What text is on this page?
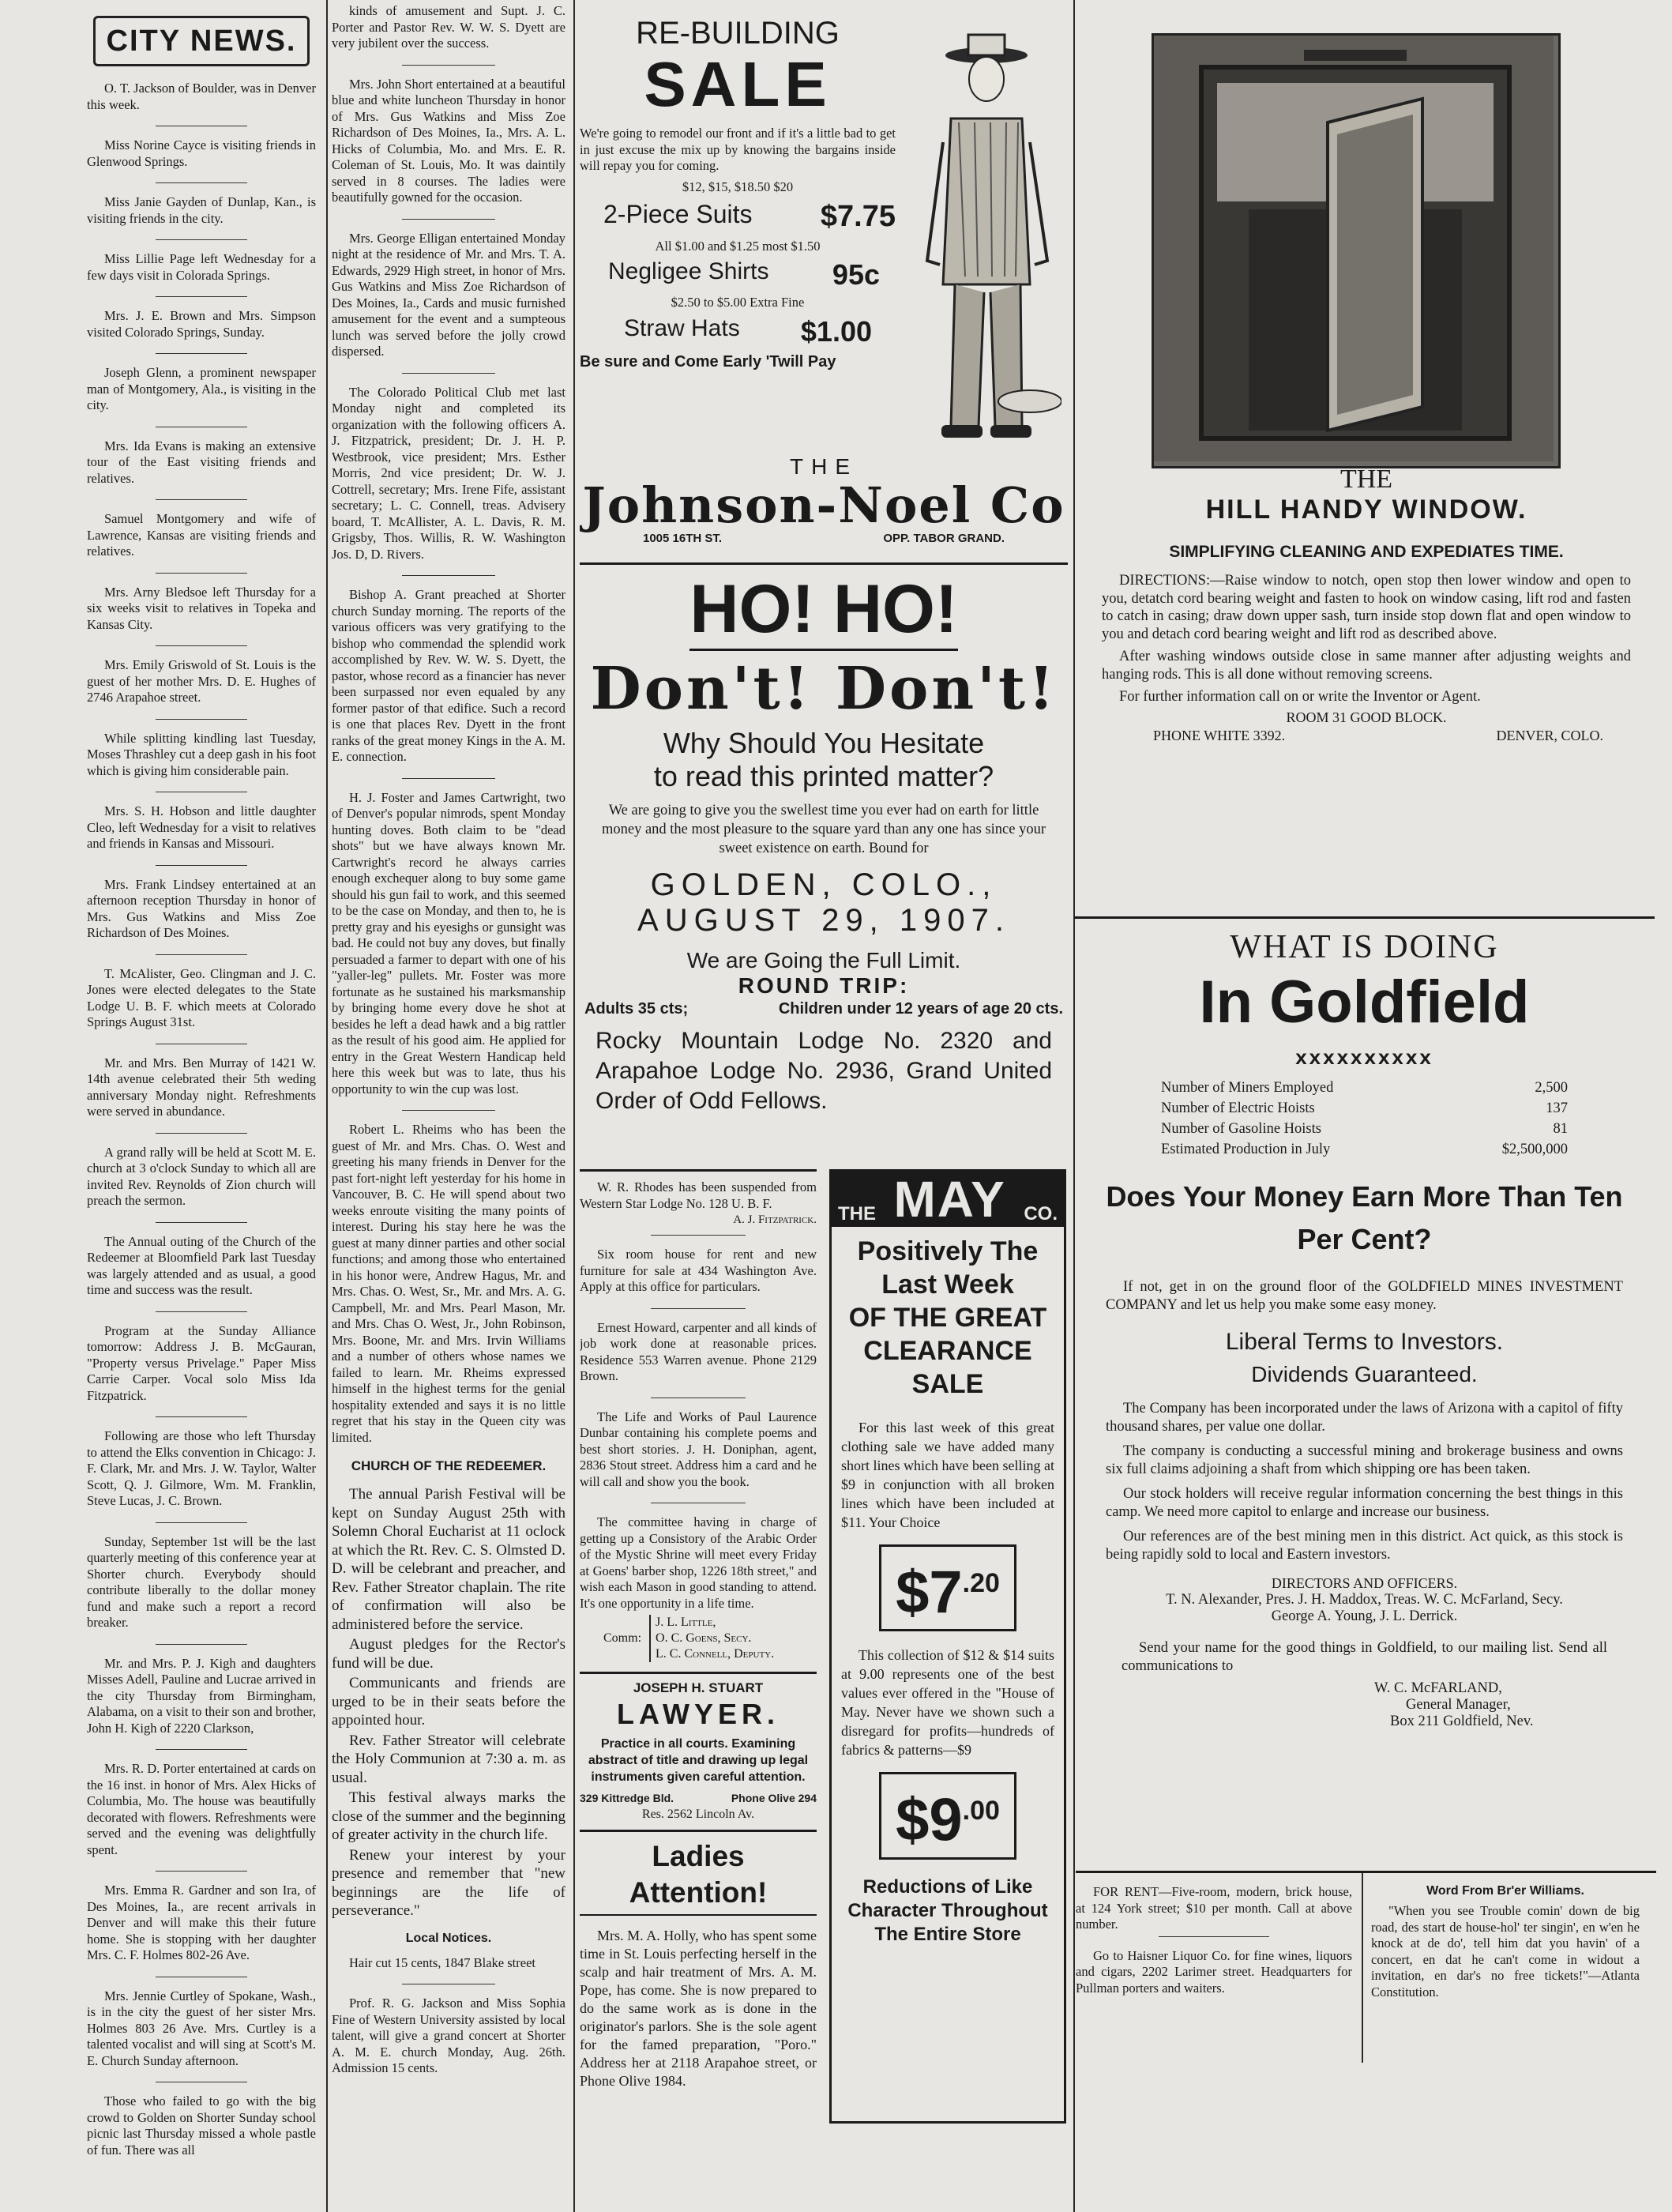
CITY NEWS.

O. T. Jackson of Boulder, was in Denver this week.

Miss Norine Cayce is visiting friends in Glenwood Springs.

Miss Janie Gayden of Dunlap, Kan., is visiting friends in the city.

Miss Lillie Page left Wednesday for a few days visit in Colorada Springs.

Mrs. J. E. Brown and Mrs. Simpson visited Colorado Springs, Sunday.

Joseph Glenn, a prominent newspaper man of Montgomery, Ala., is visiting in the city.

Mrs. Ida Evans is making an extensive tour of the East visiting friends and relatives.

Samuel Montgomery and wife of Lawrence, Kansas are visiting friends and relatives.

Mrs. Arny Bledsoe left Thursday for a six weeks visit to relatives in Topeka and Kansas City.

Mrs. Emily Griswold of St. Louis is the guest of her mother Mrs. D. E. Hughes of 2746 Arapahoe street.

While splitting kindling last Tuesday, Moses Thrashley cut a deep gash in his foot which is giving him considerable pain.

Mrs. S. H. Hobson and little daughter Cleo, left Wednesday for a visit to relatives and friends in Kansas and Missouri.

Mrs. Frank Lindsey entertained at an afternoon reception Thursday in honor of Mrs. Gus Watkins and Miss Zoe Richardson of Des Moines.

T. McAlister, Geo. Clingman and J. C. Jones were elected delegates to the State Lodge U. B. F. which meets at Colorado Springs August 31st.

Mr. and Mrs. Ben Murray of 1421 W. 14th avenue celebrated their 5th weding anniversary Monday night. Refreshments were served in abundance.

A grand rally will be held at Scott M. E. church at 3 o'clock Sunday to which all are invited Rev. Reynolds of Zion church will preach the sermon.

The Annual outing of the Church of the Redeemer at Bloomfield Park last Tuesday was largely attended and as usual, a good time and success was the result.

Program at the Sunday Alliance tomorrow: Address J. B. McGauran, "Property versus Privelage." Paper Miss Carrie Carper. Vocal solo Miss Ida Fitzpatrick.

Following are those who left Thursday to attend the Elks convention in Chicago: J. F. Clark, Mr. and Mrs. J. W. Taylor, Walter Scott, Q. J. Gilmore, Wm. M. Franklin, Steve Lucas, J. C. Brown.

Sunday, September 1st will be the last quarterly meeting of this conference year at Shorter church. Everybody should contribute liberally to the dollar money fund and make such a report a record breaker.

Mr. and Mrs. P. J. Kigh and daughters Misses Adell, Pauline and Lucrae arrived in the city Thursday from Birmingham, Alabama, on a visit to their son and brother, John H. Kigh of 2220 Clarkson,

Mrs. R. D. Porter entertained at cards on the 16 inst. in honor of Mrs. Alex Hicks of Columbia, Mo. The house was beautifully decorated with flowers. Refreshments were served and the evening was delightfully spent.

Mrs. Emma R. Gardner and son Ira, of Des Moines, Ia., are recent arrivals in Denver and will make this their future home. She is stopping with her daughter Mrs. C. F. Holmes 802-26 Ave.

Mrs. Jennie Curtley of Spokane, Wash., is in the city the guest of her sister Mrs. Holmes 803 26 Ave. Mrs. Curtley is a talented vocalist and will sing at Scott's M. E. Church Sunday afternoon.

Those who failed to go with the big crowd to Golden on Shorter Sunday school picnic last Thursday missed a whole pastle of fun. There was all

kinds of amusement and Supt. J. C. Porter and Pastor Rev. W. W. S. Dyett are very jubilent over the success.

Mrs. John Short entertained at a beautiful blue and white luncheon Thursday in honor of Mrs. Gus Watkins and Miss Zoe Richardson of Des Moines, Ia., Mrs. A. L. Hicks of Columbia, Mo. and Mrs. E. R. Coleman of St. Louis, Mo. It was daintily served in 8 courses. The ladies were beautifully gowned for the occasion.

Mrs. George Elligan entertained Monday night at the residence of Mr. and Mrs. T. A. Edwards, 2929 High street, in honor of Mrs. Gus Watkins and Miss Zoe Richardson of Des Moines, Ia., Cards and music furnished amusement for the event and a sumpteous lunch was served before the jolly crowd dispersed.

The Colorado Political Club met last Monday night and completed its organization with the following officers A. J. Fitzpatrick, president; Dr. J. H. P. Westbrook, vice president; Mrs. Esther Morris, 2nd vice president; Dr. W. J. Cottrell, secretary; Mrs. Irene Fife, assistant secretary; L. C. Connell, treas. Advisery board, T. McAllister, A. L. Davis, R. M. Grigsby, Thos. Willis, R. W. Washington Jos. D, D. Rivers.

Bishop A. Grant preached at Shorter church Sunday morning. The reports of the various officers was very gratifying to the bishop who commendad the splendid work accomplished by Rev. W. W. S. Dyett, the pastor, whose record as a financier has never been surpassed nor even equaled by any former pastor of that edifice. Such a record is one that places Rev. Dyett in the front ranks of the great money Kings in the A. M. E. connection.

H. J. Foster and James Cartwright, two of Denver's popular nimrods, spent Monday hunting doves. Both claim to be "dead shots" but we have always known Mr. Cartwright's record he always carries enough exchequer along to buy some game should his gun fail to work, and this seemed to be the case on Monday, and then to, he is pretty gray and his eyesighs or gunsight was bad. He could not buy any doves, but finally persuaded a farmer to depart with one of his "yaller-leg" pullets. Mr. Foster was more fortunate as he sustained his marksmanship by bringing home every dove he shot at besides he left a dead hawk and a big rattler as the result of his good aim. He applied for entry in the Great Western Handicap held here this week but was to late, thus his opportunity to win the cup was lost.

Robert L. Rheims who has been the guest of Mr. and Mrs. Chas. O. West and greeting his many friends in Denver for the past fort-night left yesterday for his home in Vancouver, B. C. He will spend about two weeks enroute visiting the many points of interest. During his stay here he was the guest at many dinner parties and other social functions; and among those who entertained in his honor were, Andrew Hagus, Mr. and Mrs. Chas. O. West, Sr., Mr. and Mrs. A. G. Campbell, Mr. and Mrs. Pearl Mason, Mr. and Mrs. Chas O. West, Jr., John Robinson, Mrs. Boone, Mr. and Mrs. Irvin Williams and a number of others whose names we failed to learn. Mr. Rheims expressed himself in the highest terms for the genial hospitality extended and says it is no little regret that his stay in the Queen city was limited.

CHURCH OF THE REDEEMER.

The annual Parish Festival will be kept on Sunday August 25th with Solemn Choral Eucharist at 11 oclock at which the Rt. Rev. C. S. Olmsted D. D. will be celebrant and preacher, and Rev. Father Streator chaplain. The rite of confirmation will also be administered before the service.

August pledges for the Rector's fund will be due.

Communicants and friends are urged to be in their seats before the appointed hour.

Rev. Father Streator will celebrate the Holy Communion at 7:30 a. m. as usual.

This festival always marks the close of the summer and the beginning of greater activity in the church life.

Renew your interest by your presence and remember that "new beginnings are the life of perseverance."

Local Notices.

Hair cut 15 cents, 1847 Blake street

Prof. R. G. Jackson and Miss Sophia Fine of Western University assisted by local talent, will give a grand concert at Shorter A. M. E. church Monday, Aug. 26th. Admission 15 cents.

RE-BUILDING

SALE

We're going to remodel our front and if it's a little bad to get in just excuse the mix up by knowing the bargains inside will repay you for coming.

$12, $15, $18.50 $20

2-Piece Suits $7.75

All $1.00 and $1.25 most $1.50

Negligee Shirts 95c

$2.50 to $5.00 Extra Fine

Straw Hats $1.00

Be sure and Come Early 'Twill Pay

THE

Johnson-Noel Co

1005 16TH ST.	OPP. TABOR GRAND.

HO! HO!

Don't! Don't!

Why Should You Hesitate

to read this printed matter?

We are going to give you the swellest time you ever had on earth for little money and the most pleasure to the square yard than any one has since your sweet existence on earth. Bound for

GOLDEN, COLO.,

AUGUST 29, 1907.

We are Going the Full Limit.

ROUND TRIP:

Adults 35 cts;	Children under 12 years of age 20 cts.

Rocky Mountain Lodge No. 2320 and Arapahoe Lodge No. 2936, Grand United Order of Odd Fellows.

W. R. Rhodes has been suspended from Western Star Lodge No. 128 U. B. F.

A. J. Fitzpatrick.

Six room house for rent and new furniture for sale at 434 Washington Ave. Apply at this office for particulars.

Ernest Howard, carpenter and all kinds of job work done at reasonable prices. Residence 553 Warren avenue. Phone 2129 Brown.

The Life and Works of Paul Laurence Dunbar containing his complete poems and best short stories. J. H. Doniphan, agent, 2836 Stout street. Address him a card and he will call and show you the book.

The committee having in charge of getting up a Consistory of the Arabic Order of the Mystic Shrine will meet every Friday at Goens' barber shop, 1226 18th street," and wish each Mason in good standing to attend. It's one opportunity in a life time.

Comm:
J. L. Little,
O. C. Goens, Secy.
L. C. Connell, Deputy.

JOSEPH H. STUART

LAWYER.

Practice in all courts. Examining abstract of title and drawing up legal instruments given careful attention.

329 Kittredge Bld.	Phone Olive 294

Res. 2562 Lincoln Av.

Ladies Attention!

Mrs. M. A. Holly, who has spent some time in St. Louis perfecting herself in the scalp and hair treatment of Mrs. A. M. Pope, has come. She is now prepared to do the same work as is done in the originator's parlors. She is the sole agent for the famed preparation, "Poro." Address her at 2118 Arapahoe street, or Phone Olive 1984.

THE MAY CO.

Positively The

Last Week

OF THE GREAT

CLEARANCE

SALE

For this last week of this great clothing sale we have added many short lines which have been selling at $9 in conjunction with all broken lines which have been included at $11. Your Choice

$\$7^{.20}$

This collection of $12 & $14 suits at 9.00 represents one of the best values ever offered in the "House of May. Never have we shown such a disregard for profits—hundreds of fabrics & patterns—$9

$\$9^{.00}$

Reductions of Like Character Throughout The Entire Store

THE

HILL HANDY WINDOW.

SIMPLIFYING CLEANING AND EXPEDIATES TIME.

DIRECTIONS:—Raise window to notch, open stop then lower window and open to you, detatch cord bearing weight and fasten to hook on window casing, lift rod and fasten to catch in casing; draw down upper sash, turn inside stop down flat and open window to you and detach cord bearing weight and lift rod as described above.

After washing windows outside close in same manner after adjusting weights and hanging rods. This is all done without removing screens.

For further information call on or write the Inventor or Agent.

ROOM 31 GOOD BLOCK.

PHONE WHITE 3392.	DENVER, COLO.

WHAT IS DOING

In Goldfield

xxxxxxxxxx

Number of Miners Employed	2,500
Number of Electric Hoists	137
Number of Gasoline Hoists	81
Estimated Production in July	$2,500,000

Does Your Money Earn More Than Ten Per Cent?

If not, get in on the ground floor of the GOLDFIELD MINES INVESTMENT COMPANY and let us help you make some easy money.

Liberal Terms to Investors.

Dividends Guaranteed.

The Company has been incorporated under the laws of Arizona with a capitol of fifty thousand shares, per value one dollar.

The company is conducting a successful mining and brokerage business and owns six full claims adjoining a shaft from which shipping ore has been taken.

Our stock holders will receive regular information concerning the best things in this camp. We need more capitol to enlarge and increase our business.

Our references are of the best mining men in this district. Act quick, as this stock is being rapidly sold to local and Eastern investors.

DIRECTORS AND OFFICERS.

T. N. Alexander, Pres. J. H. Maddox, Treas. W. C. McFarland, Secy.

George A. Young, J. L. Derrick.

Send your name for the good things in Goldfield, to our mailing list. Send all communications to

W. C. McFARLAND,

General Manager,

Box 211 Goldfield, Nev.

FOR RENT—Five-room, modern, brick house, at 124 York street; $10 per month. Call at above number.

Go to Haisner Liquor Co. for fine wines, liquors and cigars, 2202 Larimer street. Headquarters for Pullman porters and waiters.

Word From Br'er Williams.

"When you see Trouble comin' down de big road, des start de house-hol' ter singin', en w'en he knock at de do', tell him dat you havin' of a concert, en dat he can't come in widout a invitation, en dar's no free tickets!"—Atlanta Constitution.
